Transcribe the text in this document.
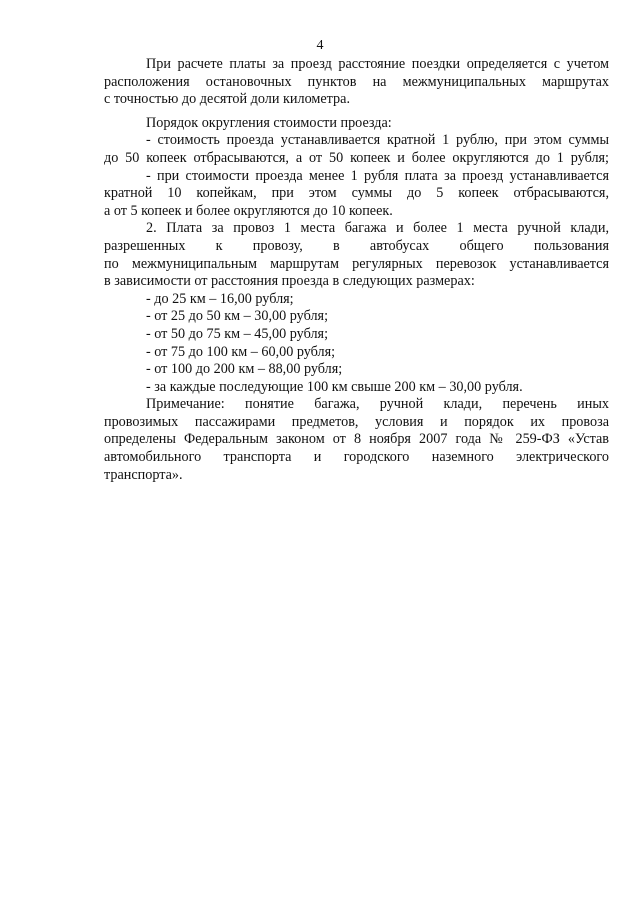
4
При расчете платы за проезд расстояние поездки определяется с учетом
расположения остановочных пунктов на межмуниципальных маршрутах
с точностью до десятой доли километра.
Порядок округления стоимости проезда:
- стоимость проезда устанавливается кратной 1 рублю, при этом суммы
до 50 копеек отбрасываются, а от 50 копеек и более округляются до 1 рубля;
- при стоимости проезда менее 1 рубля плата за проезд устанавливается
кратной 10 копейкам, при этом суммы до 5 копеек отбрасываются,
а от 5 копеек и более округляются до 10 копеек.
2. Плата за провоз 1 места багажа и более 1 места ручной клади,
разрешенных к провозу, в автобусах общего пользования
по межмуниципальным маршрутам регулярных перевозок устанавливается
в зависимости от расстояния проезда в следующих размерах:
- до 25 км – 16,00 рубля;
- от 25 до 50 км – 30,00 рубля;
- от 50 до 75 км – 45,00 рубля;
- от 75 до 100 км – 60,00 рубля;
- от 100 до 200 км – 88,00 рубля;
- за каждые последующие 100 км свыше 200 км – 30,00 рубля.
Примечание: понятие багажа, ручной клади, перечень иных
провозимых пассажирами предметов, условия и порядок их провоза
определены Федеральным законом от 8 ноября 2007 года № 259-ФЗ «Устав
автомобильного транспорта и городского наземного электрического
транспорта».
